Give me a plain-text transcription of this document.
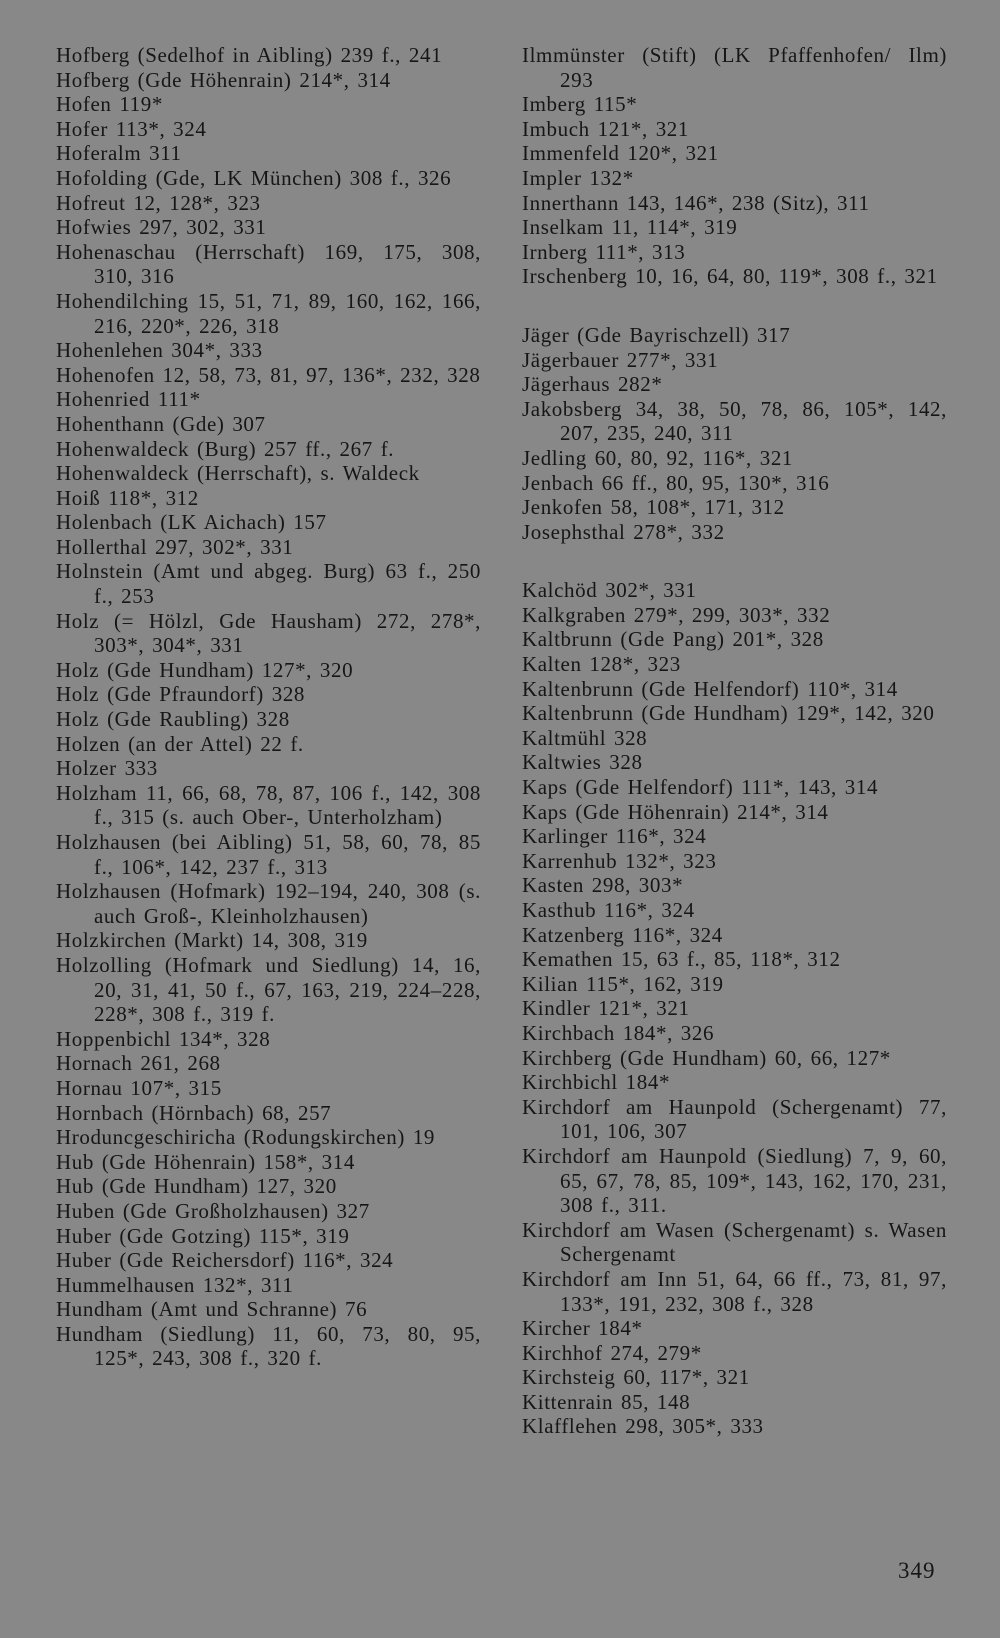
Hofberg (Sedelhof in Aibling) 239 f., 241
Hofberg (Gde Höhenrain) 214*, 314
Hofen 119*
Hofer 113*, 324
Hoferalm 311
Hofolding (Gde, LK München) 308 f., 326
Hofreut 12, 128*, 323
Hofwies 297, 302, 331
Hohenaschau (Herrschaft) 169, 175, 308, 310, 316
Hohendilching 15, 51, 71, 89, 160, 162, 166, 216, 220*, 226, 318
Hohenlehen 304*, 333
Hohenofen 12, 58, 73, 81, 97, 136*, 232, 328
Hohenried 111*
Hohenthann (Gde) 307
Hohenwaldeck (Burg) 257 ff., 267 f.
Hohenwaldeck (Herrschaft), s. Waldeck
Hoiß 118*, 312
Holenbach (LK Aichach) 157
Hollerthal 297, 302*, 331
Holnstein (Amt und abgeg. Burg) 63 f., 250 f., 253
Holz (= Hölzl, Gde Hausham) 272, 278*, 303*, 304*, 331
Holz (Gde Hundham) 127*, 320
Holz (Gde Pfraundorf) 328
Holz (Gde Raubling) 328
Holzen (an der Attel) 22 f.
Holzer 333
Holzham 11, 66, 68, 78, 87, 106 f., 142, 308 f., 315 (s. auch Ober-, Unterholzham)
Holzhausen (bei Aibling) 51, 58, 60, 78, 85 f., 106*, 142, 237 f., 313
Holzhausen (Hofmark) 192–194, 240, 308 (s. auch Groß-, Kleinholzhausen)
Holzkirchen (Markt) 14, 308, 319
Holzolling (Hofmark und Siedlung) 14, 16, 20, 31, 41, 50 f., 67, 163, 219, 224–228, 228*, 308 f., 319 f.
Hoppenbichl 134*, 328
Hornach 261, 268
Hornau 107*, 315
Hornbach (Hörnbach) 68, 257
Hroduncgeschiricha (Rodungskirchen) 19
Hub (Gde Höhenrain) 158*, 314
Hub (Gde Hundham) 127, 320
Huben (Gde Großholzhausen) 327
Huber (Gde Gotzing) 115*, 319
Huber (Gde Reichersdorf) 116*, 324
Hummelhausen 132*, 311
Hundham (Amt und Schranne) 76
Hundham (Siedlung) 11, 60, 73, 80, 95, 125*, 243, 308 f., 320 f.
Ilmmünster (Stift) (LK Pfaffenhofen/ Ilm) 293
Imberg 115*
Imbuch 121*, 321
Immenfeld 120*, 321
Impler 132*
Innerthann 143, 146*, 238 (Sitz), 311
Inselkam 11, 114*, 319
Irnberg 111*, 313
Irschenberg 10, 16, 64, 80, 119*, 308 f., 321
Jäger (Gde Bayrischzell) 317
Jägerbauer 277*, 331
Jägerhaus 282*
Jakobsberg 34, 38, 50, 78, 86, 105*, 142, 207, 235, 240, 311
Jedling 60, 80, 92, 116*, 321
Jenbach 66 ff., 80, 95, 130*, 316
Jenkofen 58, 108*, 171, 312
Josephsthal 278*, 332
Kalchöd 302*, 331
Kalkgraben 279*, 299, 303*, 332
Kaltbrunn (Gde Pang) 201*, 328
Kalten 128*, 323
Kaltenbrunn (Gde Helfendorf) 110*, 314
Kaltenbrunn (Gde Hundham) 129*, 142, 320
Kaltmühl 328
Kaltwies 328
Kaps (Gde Helfendorf) 111*, 143, 314
Kaps (Gde Höhenrain) 214*, 314
Karlinger 116*, 324
Karrenhub 132*, 323
Kasten 298, 303*
Kasthub 116*, 324
Katzenberg 116*, 324
Kemathen 15, 63 f., 85, 118*, 312
Kilian 115*, 162, 319
Kindler 121*, 321
Kirchbach 184*, 326
Kirchberg (Gde Hundham) 60, 66, 127*
Kirchbichl 184*
Kirchdorf am Haunpold (Schergenamt) 77, 101, 106, 307
Kirchdorf am Haunpold (Siedlung) 7, 9, 60, 65, 67, 78, 85, 109*, 143, 162, 170, 231, 308 f., 311.
Kirchdorf am Wasen (Schergenamt) s. Wasen Schergenamt
Kirchdorf am Inn 51, 64, 66 ff., 73, 81, 97, 133*, 191, 232, 308 f., 328
Kircher 184*
Kirchhof 274, 279*
Kirchsteig 60, 117*, 321
Kittenrain 85, 148
Klafflehen 298, 305*, 333
349
